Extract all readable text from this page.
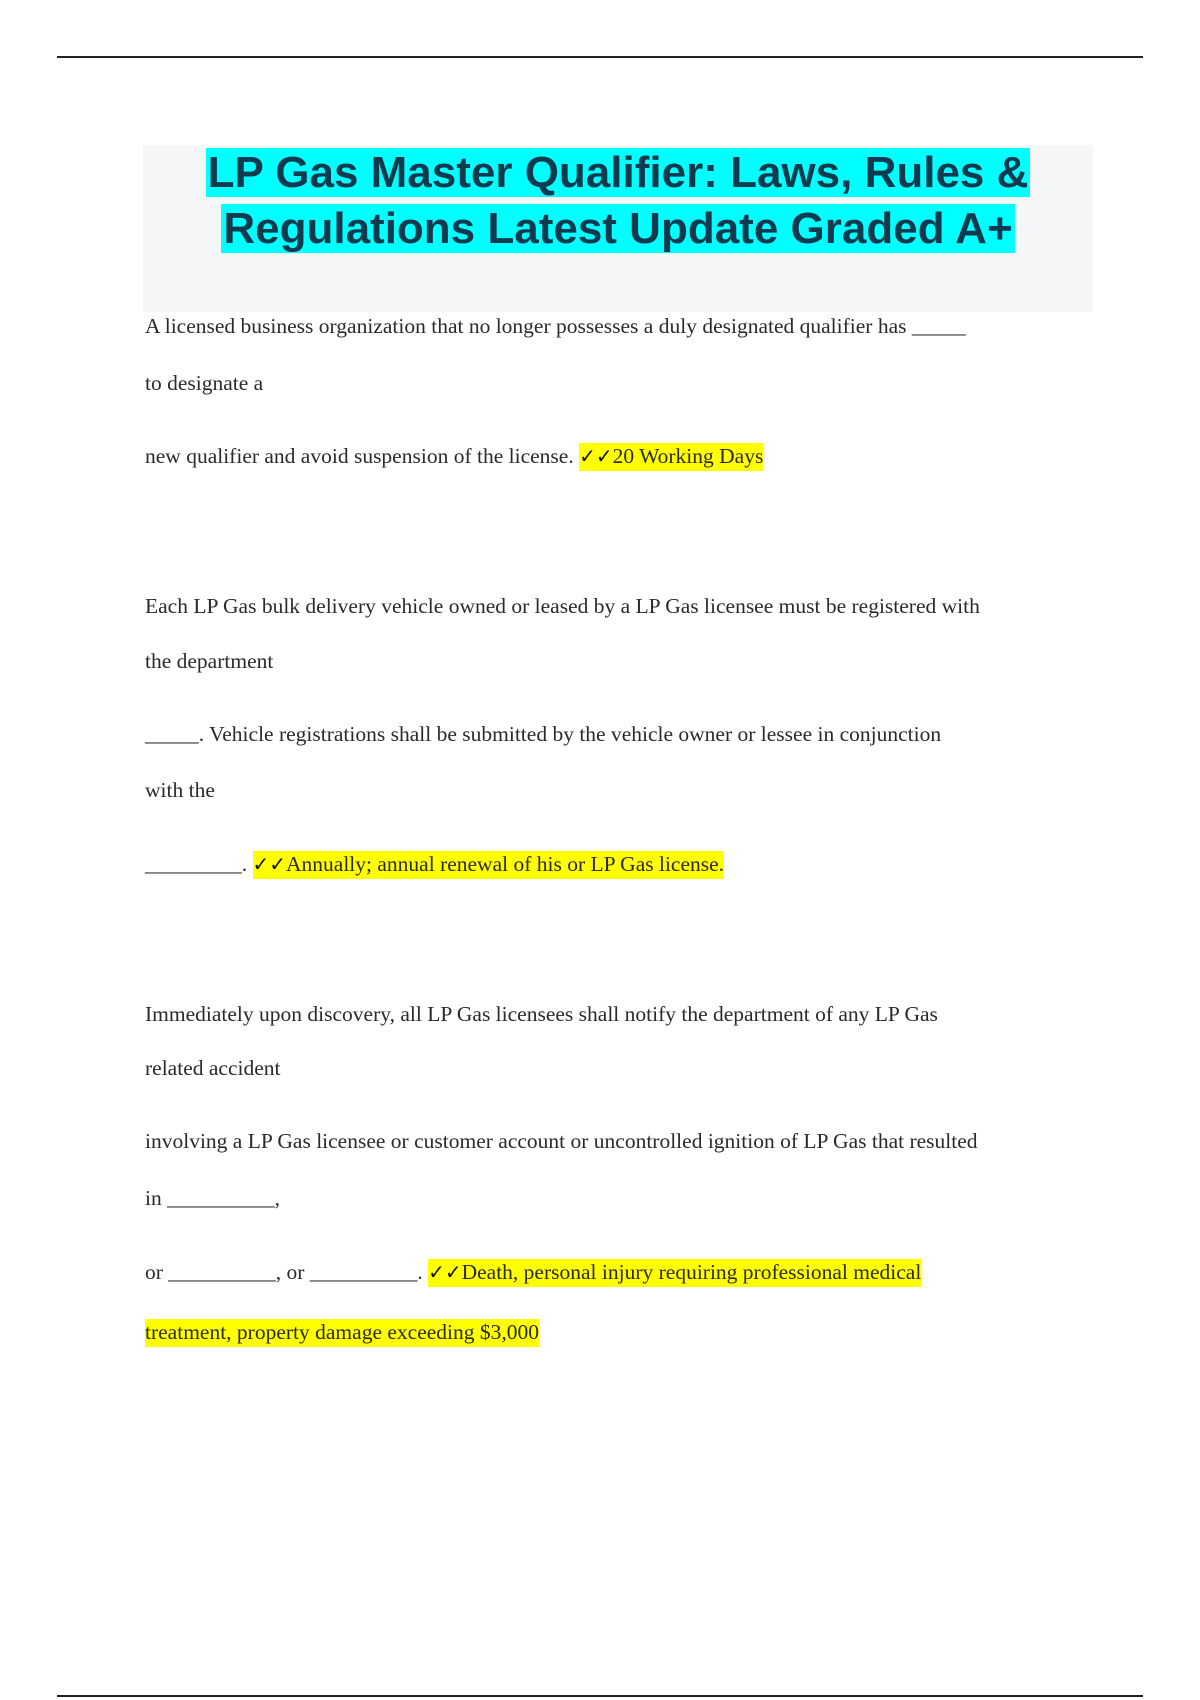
LP Gas Master Qualifier: Laws, Rules &
Regulations Latest Update Graded A+

A licensed business organization that no longer possesses a duly designated qualifier has _____

to designate a

new qualifier and avoid suspension of the license. ✓✓20 Working Days

Each LP Gas bulk delivery vehicle owned or leased by a LP Gas licensee must be registered with

the department

_____. Vehicle registrations shall be submitted by the vehicle owner or lessee in conjunction

with the

_________. ✓✓Annually; annual renewal of his or LP Gas license.

Immediately upon discovery, all LP Gas licensees shall notify the department of any LP Gas

related accident

involving a LP Gas licensee or customer account or uncontrolled ignition of LP Gas that resulted

in __________,

or __________, or __________. ✓✓Death, personal injury requiring professional medical

treatment, property damage exceeding $3,000
